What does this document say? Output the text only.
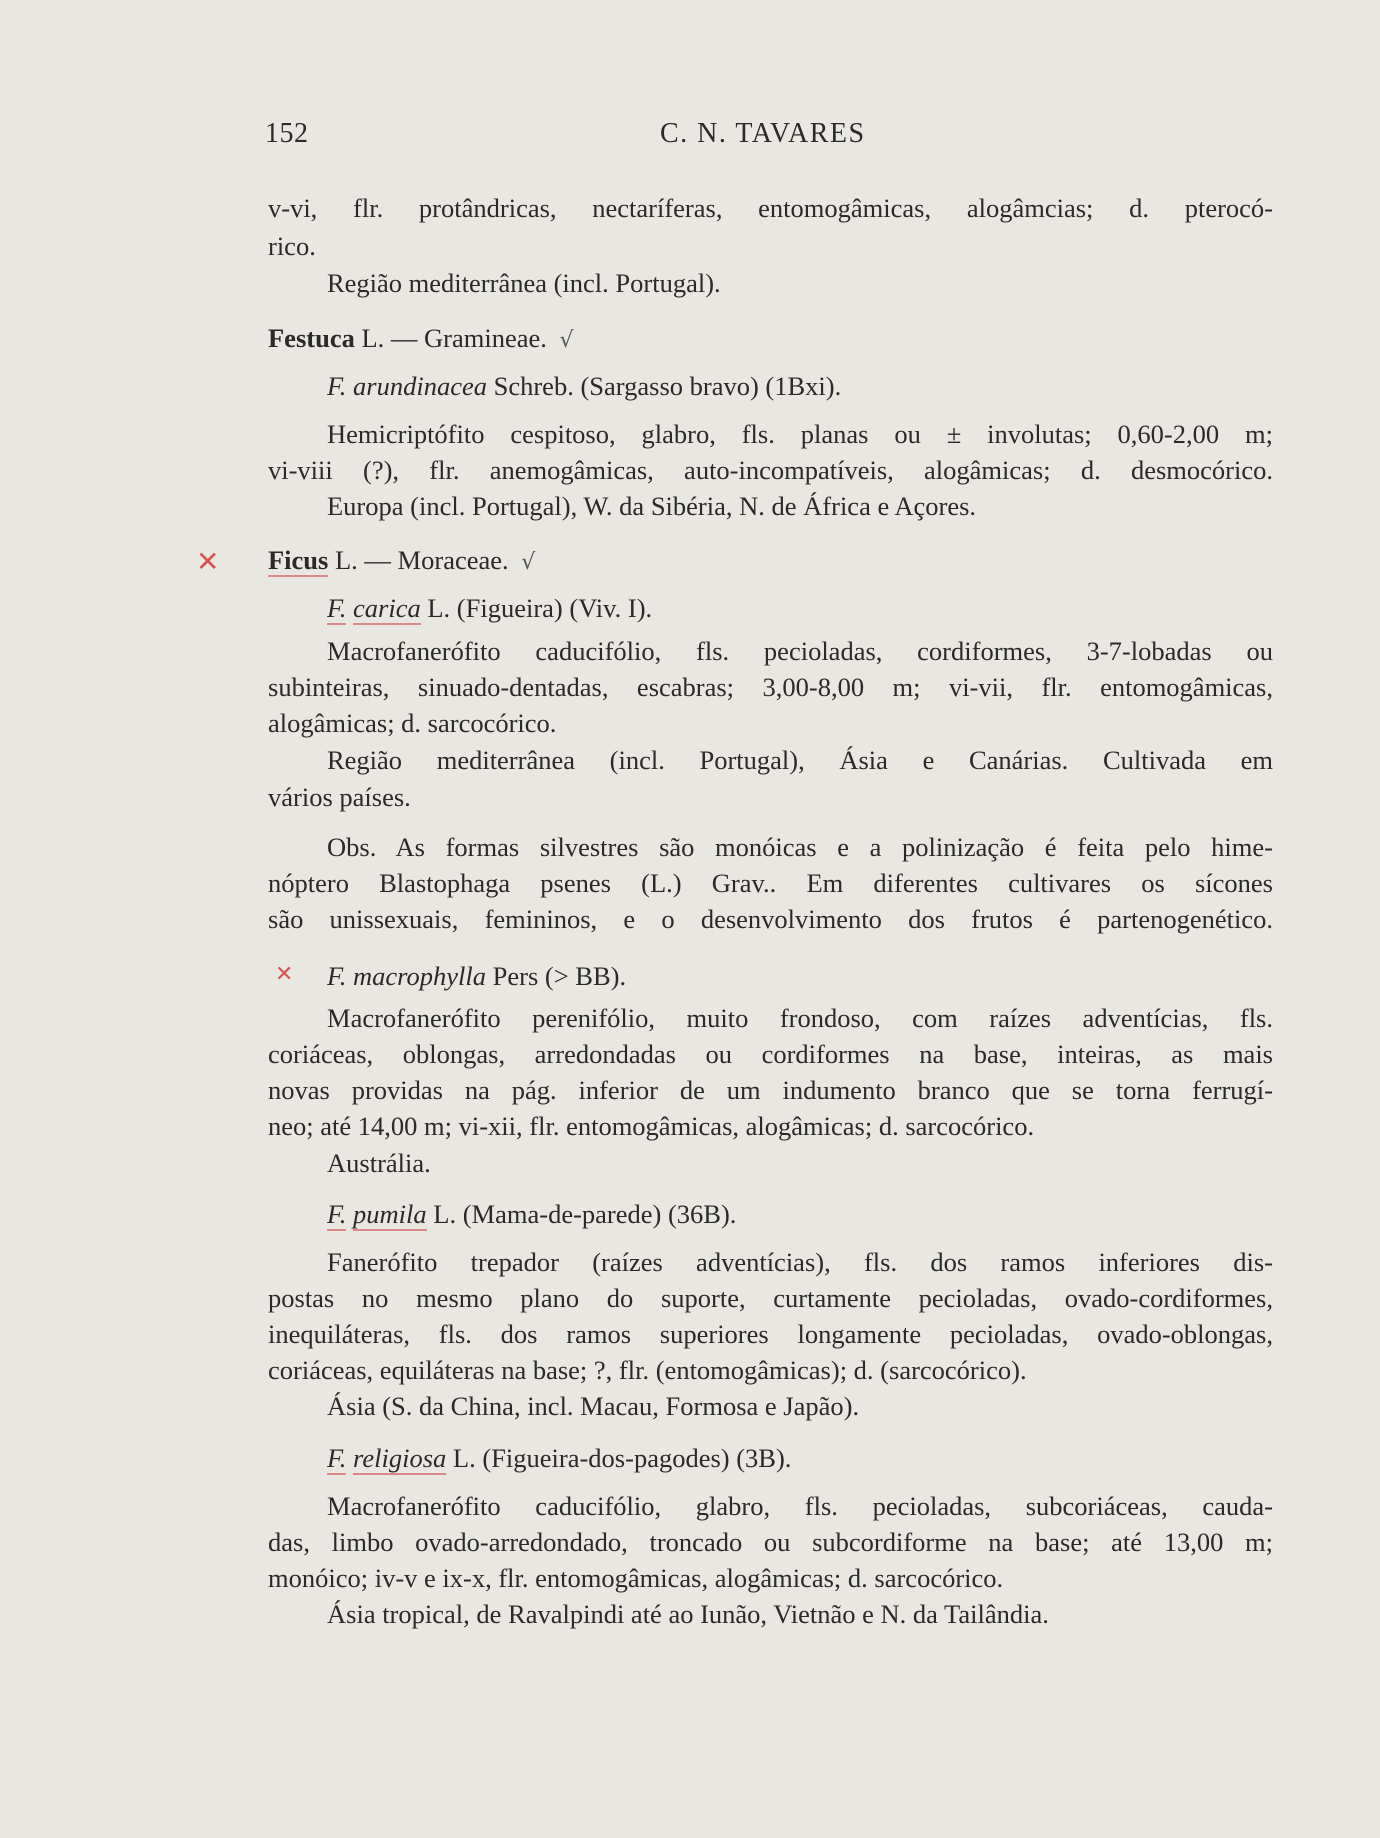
152	C. N. TAVARES
v-vi, flr. protândricas, nectaríferas, entomogâmicas, alogâmcias; d. pterocó-
rico.
Região mediterrânea (incl. Portugal).
Festuca L. — Gramineae. √
F. arundinacea Schreb. (Sargasso bravo) (1Bxi).
Hemicriptófito cespitoso, glabro, fls. planas ou ± involutas; 0,60-2,00 m;
vi-viii (?), flr. anemogâmicas, auto-incompatíveis, alogâmicas; d. desmocórico.
Europa (incl. Portugal), W. da Sibéria, N. de África e Açores.
✕ Ficus L. — Moraceae. √
F. carica L. (Figueira) (Viv. I).
Macrofanerófito caducifólio, fls. pecioladas, cordiformes, 3-7-lobadas ou
subinteiras, sinuado-dentadas, escabras; 3,00-8,00 m; vi-vii, flr. entomogâmicas,
alogâmicas; d. sarcocórico.
Região mediterrânea (incl. Portugal), Ásia e Canárias. Cultivada em
vários países.
Obs. As formas silvestres são monóicas e a polinização é feita pelo hime-
nóptero Blastophaga psenes (L.) Grav.. Em diferentes cultivares os sícones
são unissexuais, femininos, e o desenvolvimento dos frutos é partenogenético.
✕	F. macrophylla Pers (> BB).
Macrofanerófito perenifólio, muito frondoso, com raízes adventícias, fls.
coriáceas, oblongas, arredondadas ou cordiformes na base, inteiras, as mais
novas providas na pág. inferior de um indumento branco que se torna ferrugí-
neo; até 14,00 m; vi-xii, flr. entomogâmicas, alogâmicas; d. sarcocórico.
Austrália.
F. pumila L. (Mama-de-parede) (36B).
Fanerófito trepador (raízes adventícias), fls. dos ramos inferiores dis-
postas no mesmo plano do suporte, curtamente pecioladas, ovado-cordiformes,
inequiláteras, fls. dos ramos superiores longamente pecioladas, ovado-oblongas,
coriáceas, equiláteras na base; ?, flr. (entomogâmicas); d. (sarcocórico).
Ásia (S. da China, incl. Macau, Formosa e Japão).
F. religiosa L. (Figueira-dos-pagodes) (3B).
Macrofanerófito caducifólio, glabro, fls. pecioladas, subcoriáceas, cauda-
das, limbo ovado-arredondado, troncado ou subcordiforme na base; até 13,00 m;
monóico; iv-v e ix-x, flr. entomogâmicas, alogâmicas; d. sarcocórico.
Ásia tropical, de Ravalpindi até ao Iunão, Vietnão e N. da Tailândia.
